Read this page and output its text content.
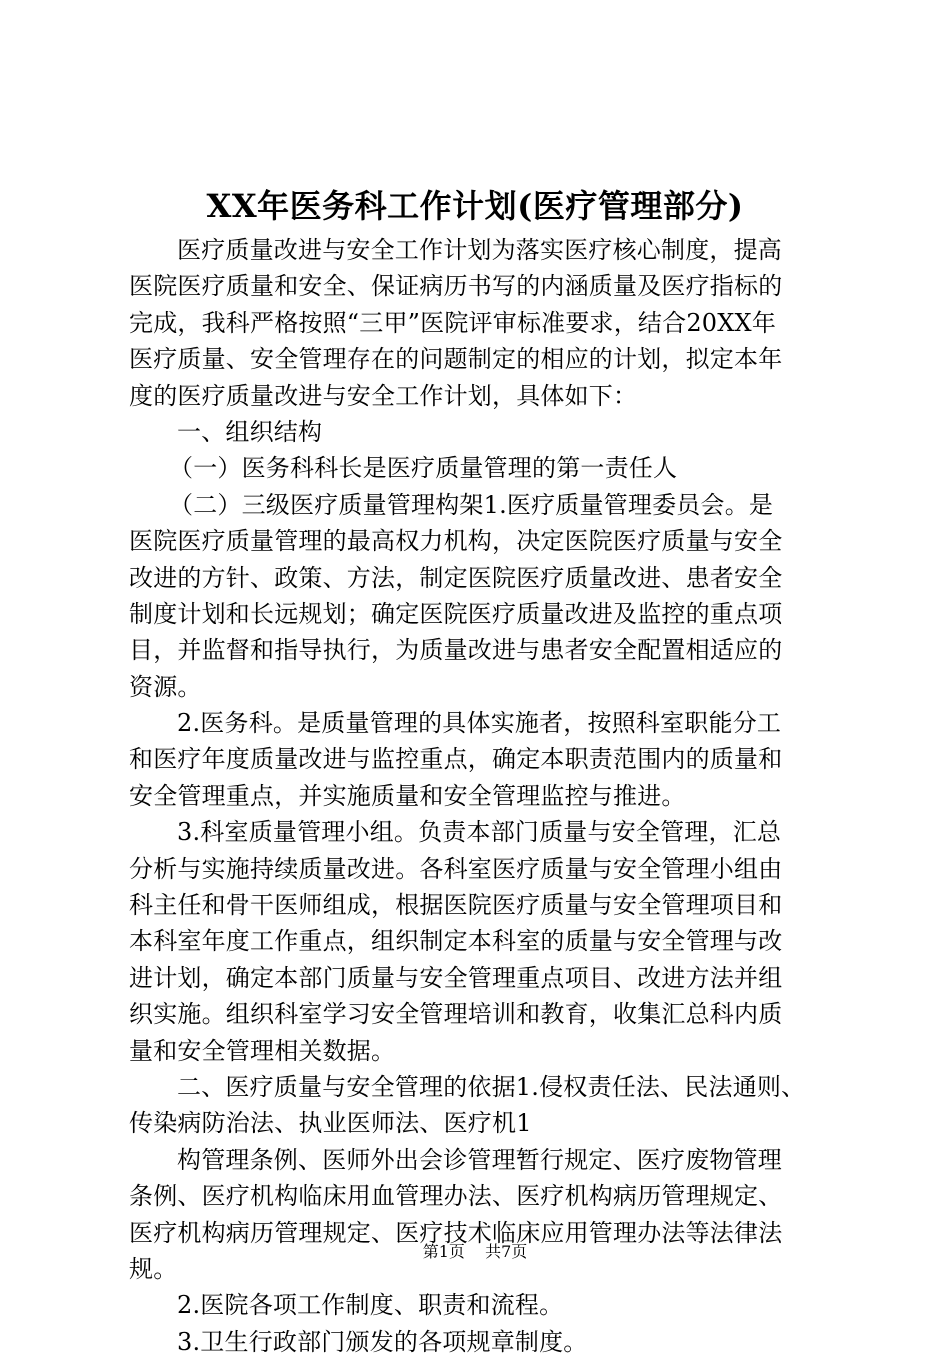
XX年医务科工作计划(医疗管理部分)
医疗质量改进与安全工作计划为落实医疗核心制度，提高
医院医疗质量和安全、保证病历书写的内涵质量及医疗指标的
完成，我科严格按照“三甲”医院评审标准要求，结合20XX年
医疗质量、安全管理存在的问题制定的相应的计划，拟定本年
度的医疗质量改进与安全工作计划，具体如下：
一、组织结构
（一）医务科科长是医疗质量管理的第一责任人
（二）三级医疗质量管理构架1.医疗质量管理委员会。是
医院医疗质量管理的最高权力机构，决定医院医疗质量与安全
改进的方针、政策、方法，制定医院医疗质量改进、患者安全
制度计划和长远规划；确定医院医疗质量改进及监控的重点项
目，并监督和指导执行，为质量改进与患者安全配置相适应的
资源。
2.医务科。是质量管理的具体实施者，按照科室职能分工
和医疗年度质量改进与监控重点，确定本职责范围内的质量和
安全管理重点，并实施质量和安全管理监控与推进。
3.科室质量管理小组。负责本部门质量与安全管理，汇总
分析与实施持续质量改进。各科室医疗质量与安全管理小组由
科主任和骨干医师组成，根据医院医疗质量与安全管理项目和
本科室年度工作重点，组织制定本科室的质量与安全管理与改
进计划，确定本部门质量与安全管理重点项目、改进方法并组
织实施。组织科室学习安全管理培训和教育，收集汇总科内质
量和安全管理相关数据。
二、医疗质量与安全管理的依据1.侵权责任法、民法通则、
传染病防治法、执业医师法、医疗机1
构管理条例、医师外出会诊管理暂行规定、医疗废物管理
条例、医疗机构临床用血管理办法、医疗机构病历管理规定、
医疗机构病历管理规定、医疗技术临床应用管理办法等法律法
规。
2.医院各项工作制度、职责和流程。
3.卫生行政部门颁发的各项规章制度。
第1页 共7页
